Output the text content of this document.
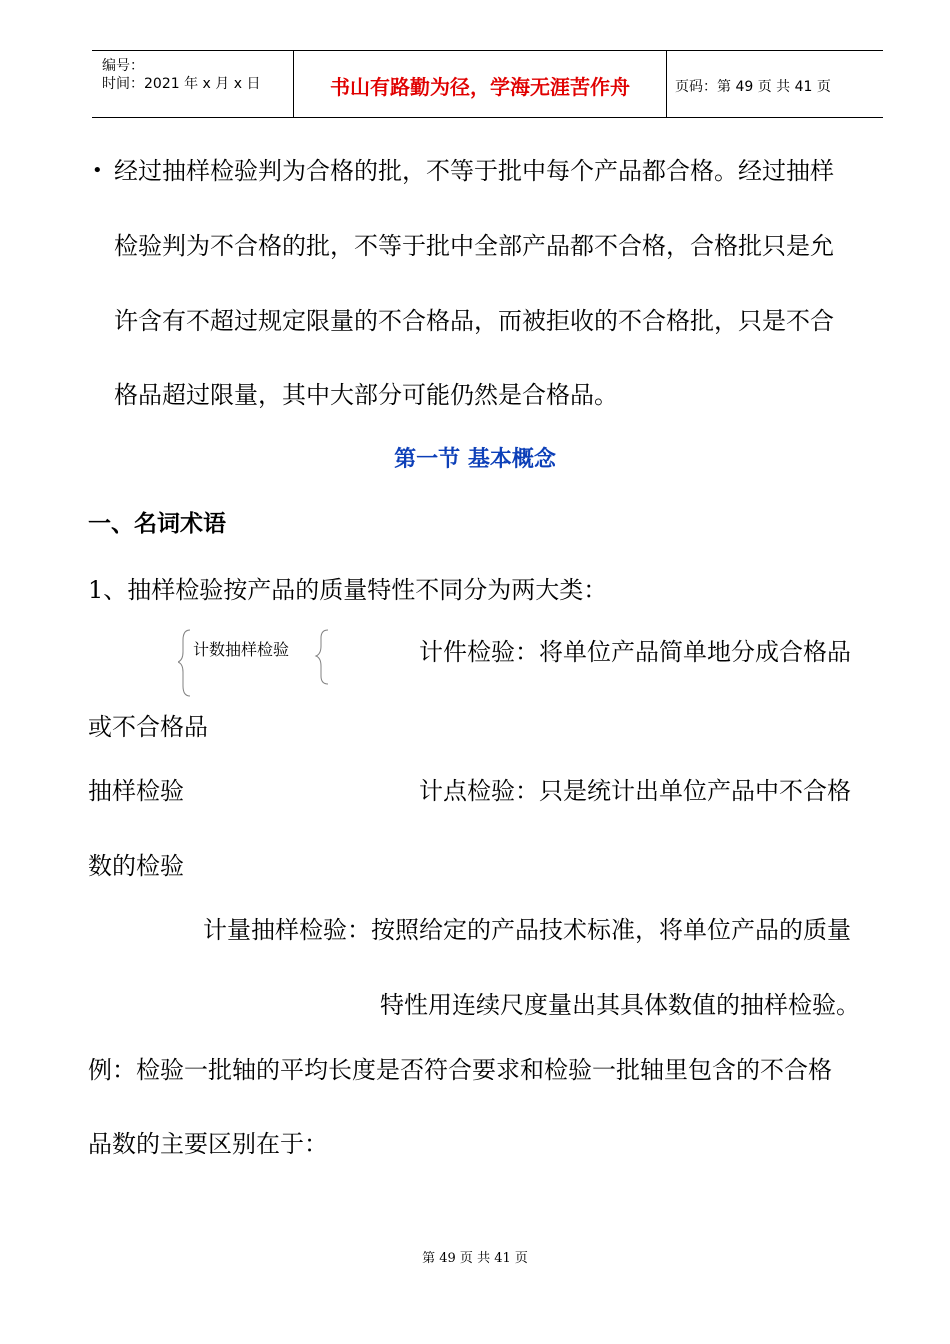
编号：
时间：2021 年 x 月 x 日	书山有路勤为径，学海无涯苦作舟	页码：第 49 页 共 41 页
• 经过抽样检验判为合格的批，不等于批中每个产品都合格。经过抽样
检验判为不合格的批，不等于批中全部产品都不合格，合格批只是允
许含有不超过规定限量的不合格品，而被拒收的不合格批，只是不合
格品超过限量，其中大部分可能仍然是合格品。
第一节 基本概念
一、名词术语
1、抽样检验按产品的质量特性不同分为两大类：
计数抽样检验	计件检验：将单位产品简单地分成合格品
或不合格品
抽样检验	计点检验：只是统计出单位产品中不合格
数的检验
计量抽样检验：按照给定的产品技术标准，将单位产品的质量
特性用连续尺度量出其具体数值的抽样检验。
例：检验一批轴的平均长度是否符合要求和检验一批轴里包含的不合格
品数的主要区别在于：
第 49 页 共 41 页
